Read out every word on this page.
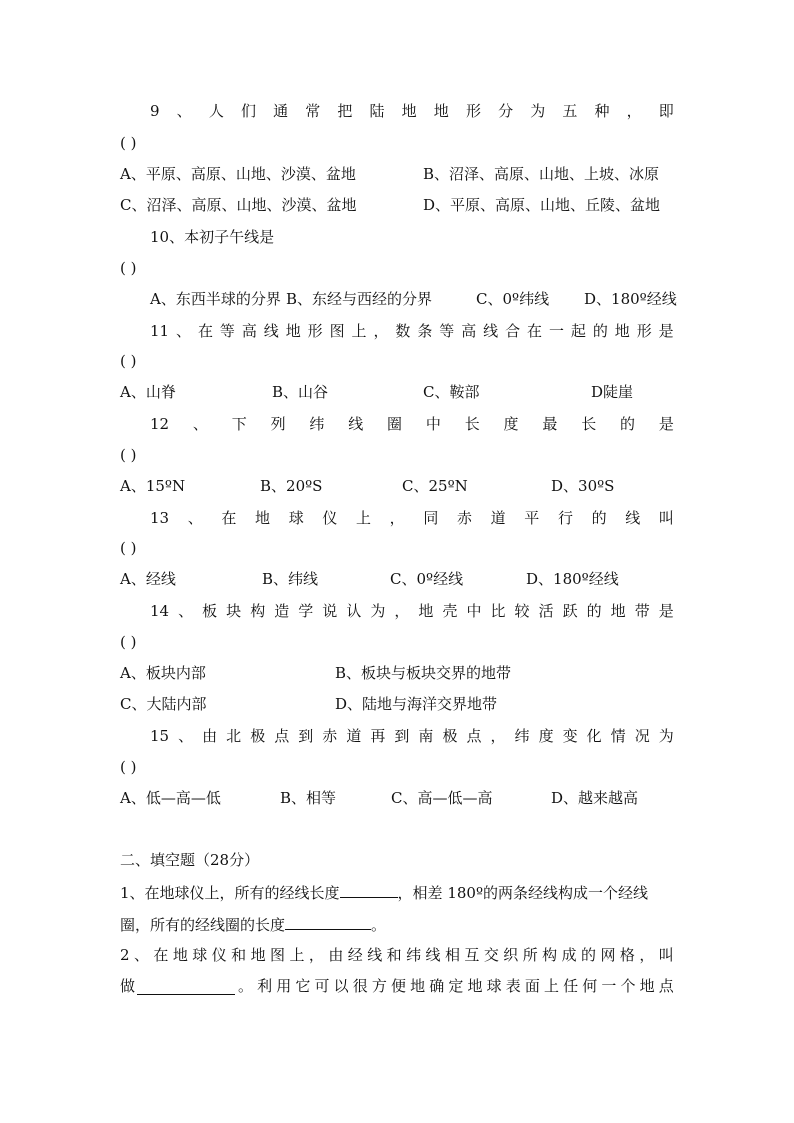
9 、 人 们 通 常 把 陆 地 地 形 分 为 五 种 ， 即
( )
A、平原、高原、山地、沙漠、盆地	B、沼泽、高原、山地、上坡、冰原
C、沼泽、高原、山地、沙漠、盆地	D、平原、高原、山地、丘陵、盆地
10、本初子午线是
( )
A、东西半球的分界 B、东经与西经的分界	C、0º纬线 D、180º经线
11 、 在 等 高 线 地 形 图 上 ， 数 条 等 高 线 合 在 一 起 的 地 形 是
( )
A、山脊	B、山谷	C、鞍部	D陡崖
12 、 下 列 纬 线 圈 中 长 度 最 长 的 是
( )
A、15ºN	B、20ºS	C、25ºN	D、30ºS
13 、 在 地 球 仪 上 ， 同 赤 道 平 行 的 线 叫
( )
A、经线	B、纬线	C、0º经线	D、180º经线
14 、 板 块 构 造 学 说 认 为 ， 地 壳 中 比 较 活 跃 的 地 带 是
( )
A、板块内部	B、板块与板块交界的地带
C、大陆内部	D、陆地与海洋交界地带
15 、 由 北 极 点 到 赤 道 再 到 南 极 点 ， 纬 度 变 化 情 况 为
( )
A、低—高—低	B、相等	C、高—低—高	D、越来越高
二、填空题（28分）
1、在地球仪上，所有的经线长度	，相差 180º的两条经线构成一个经线
圈，所有的经线圈的长度	。
2 、 在 地 球 仪 和 地 图 上 ， 由 经 线 和 纬 线 相 互 交 织 所 构 成 的 网 格 ， 叫
做	。 利 用 它 可 以 很 方 便 地 确 定 地 球 表 面 上 任 何 一 个 地 点
